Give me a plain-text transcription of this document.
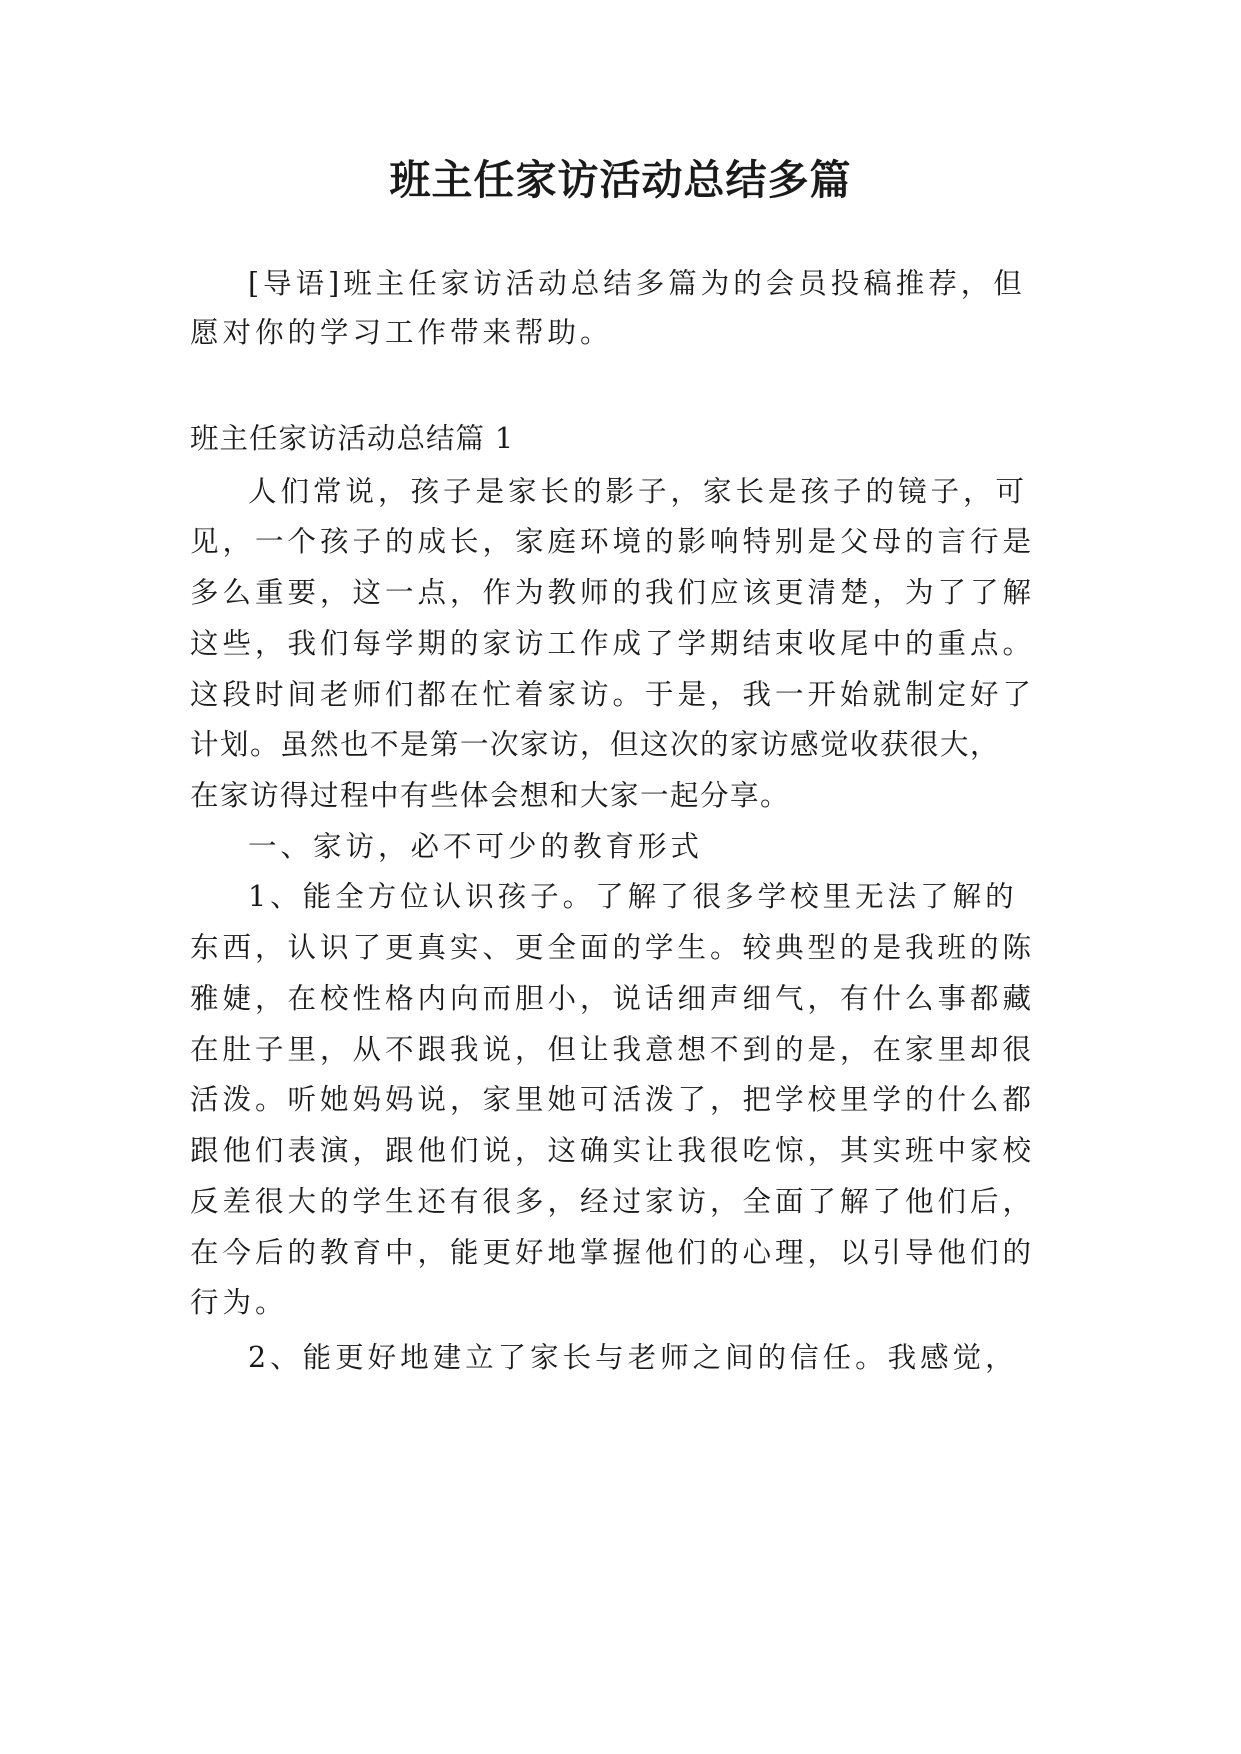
班主任家访活动总结多篇
[导语]班主任家访活动总结多篇为的会员投稿推荐，但
愿对你的学习工作带来帮助。
班主任家访活动总结篇 1
人们常说，孩子是家长的影子，家长是孩子的镜子，可
见，一个孩子的成长，家庭环境的影响特别是父母的言行是
多么重要，这一点，作为教师的我们应该更清楚，为了了解
这些，我们每学期的家访工作成了学期结束收尾中的重点。
这段时间老师们都在忙着家访。于是，我一开始就制定好了
计划。虽然也不是第一次家访，但这次的家访感觉收获很大，
在家访得过程中有些体会想和大家一起分享。
一、家访，必不可少的教育形式
1、能全方位认识孩子。了解了很多学校里无法了解的
东西，认识了更真实、更全面的学生。较典型的是我班的陈
雅婕，在校性格内向而胆小，说话细声细气，有什么事都藏
在肚子里，从不跟我说，但让我意想不到的是，在家里却很
活泼。听她妈妈说，家里她可活泼了，把学校里学的什么都
跟他们表演，跟他们说，这确实让我很吃惊，其实班中家校
反差很大的学生还有很多，经过家访，全面了解了他们后，
在今后的教育中，能更好地掌握他们的心理，以引导他们的
行为。
2、能更好地建立了家长与老师之间的信任。我感觉，
